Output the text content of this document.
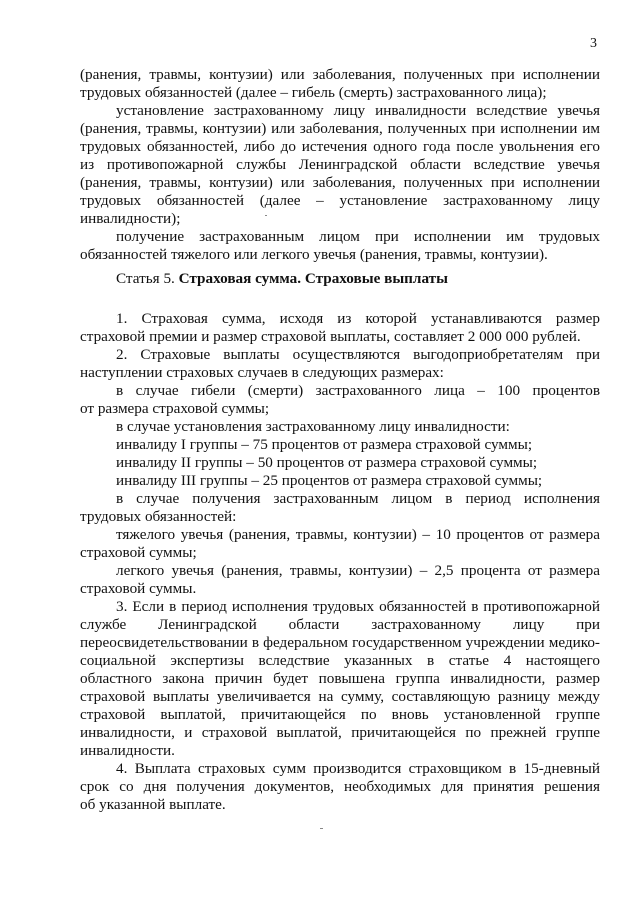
3
(ранения, травмы, контузии) или заболевания, полученных при исполнении
трудовых обязанностей (далее – гибель (смерть) застрахованного лица);
установление застрахованному лицу инвалидности вследствие увечья
(ранения, травмы, контузии) или заболевания, полученных при исполнении им
трудовых обязанностей, либо до истечения одного года после увольнения его
из противопожарной службы Ленинградской области вследствие увечья
(ранения, травмы, контузии) или заболевания, полученных при исполнении
трудовых обязанностей (далее – установление застрахованному лицу
инвалидности);
получение застрахованным лицом при исполнении им трудовых
обязанностей тяжелого или легкого увечья (ранения, травмы, контузии).
Статья 5. Страховая сумма. Страховые выплаты
1. Страховая сумма, исходя из которой устанавливаются размер
страховой премии и размер страховой выплаты, составляет 2 000 000 рублей.
2. Страховые выплаты осуществляются выгодоприобретателям при
наступлении страховых случаев в следующих размерах:
в случае гибели (смерти) застрахованного лица – 100 процентов
от размера страховой суммы;
в случае установления застрахованному лицу инвалидности:
инвалиду I группы – 75 процентов от размера страховой суммы;
инвалиду II группы – 50 процентов от размера страховой суммы;
инвалиду III группы – 25 процентов от размера страховой суммы;
в случае получения застрахованным лицом в период исполнения
трудовых обязанностей:
тяжелого увечья (ранения, травмы, контузии) – 10 процентов от размера
страховой суммы;
легкого увечья (ранения, травмы, контузии) – 2,5 процента от размера
страховой суммы.
3. Если в период исполнения трудовых обязанностей в противопожарной
службе Ленинградской области застрахованному лицу при
переосвидетельствовании в федеральном государственном учреждении медико-
социальной экспертизы вследствие указанных в статье 4 настоящего
областного закона причин будет повышена группа инвалидности, размер
страховой выплаты увеличивается на сумму, составляющую разницу между
страховой выплатой, причитающейся по вновь установленной группе
инвалидности, и страховой выплатой, причитающейся по прежней группе
инвалидности.
4. Выплата страховых сумм производится страховщиком в 15-дневный
срок со дня получения документов, необходимых для принятия решения
об указанной выплате.
